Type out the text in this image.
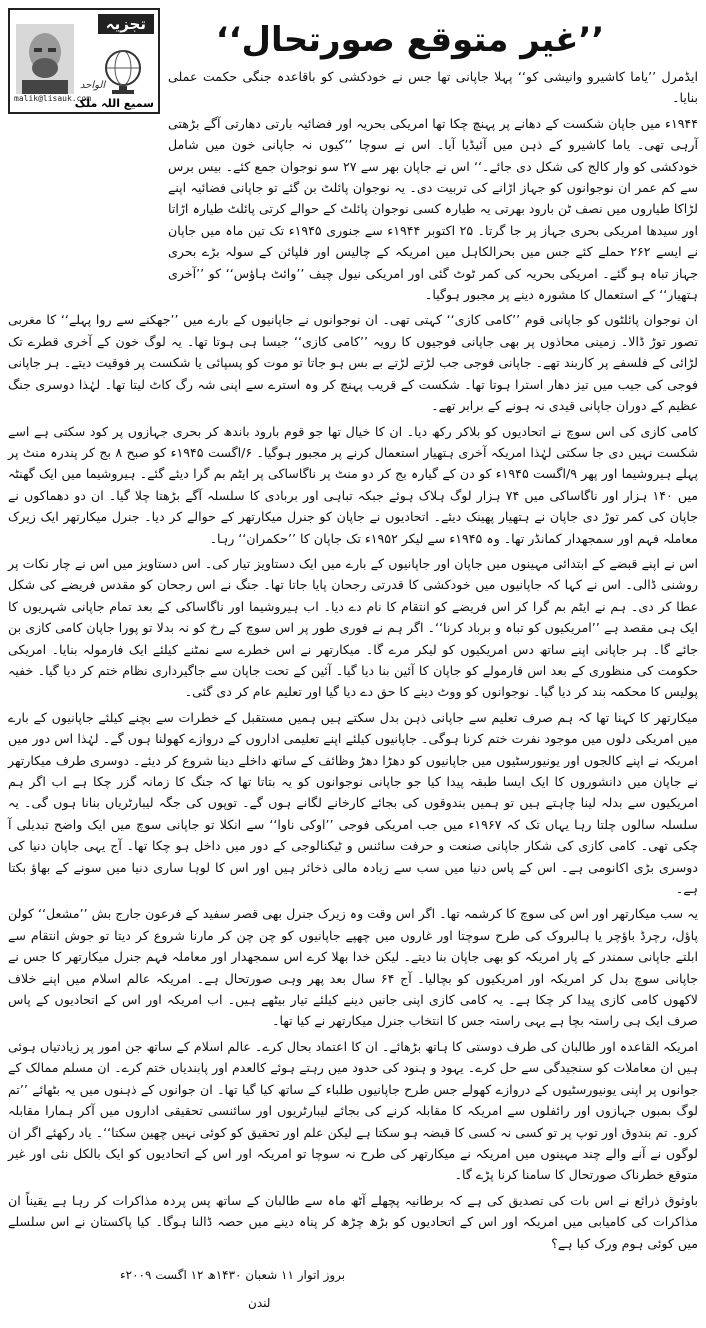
تجزیہ
الواحد
malik@lisauk.com
سمیع اللہ ملک
’’غیر متوقع صورتحال‘‘

ایڈمرل ’’یاما کاشیرو وانیشی کو‘‘ پہلا جاپانی تھا جس نے خودکشی کو باقاعدہ جنگی حکمت عملی بنایا۔

۱۹۴۴ء میں جاپان شکست کے دھانے پر پہنچ چکا تھا امریکی بحریہ اور فضائیہ بارتی دھارتی آگے بڑھتی آرہی تھی۔ یاما کاشیرو کے ذہن میں آئیڈیا آیا۔ اس نے سوچا ’’کیوں نہ جاپانی خون میں شامل خودکشی کو وار کالج کی شکل دی جائے۔‘‘ اس نے جاپان بھر سے ۲۷ سو نوجوان جمع کئے۔ بیس برس سے کم عمر ان نوجوانوں کو جہاز اڑانے کی تربیت دی۔ یہ نوجوان پائلٹ بن گئے تو جاپانی فضائیہ اپنے لڑاکا طیاروں میں نصف ٹن بارود بھرتی یہ طیارہ کسی نوجوان پائلٹ کے حوالے کرتی پائلٹ طیارہ اڑاتا اور سیدھا امریکی بحری جہاز پر جا گرتا۔ ۲۵ اکتوبر ۱۹۴۴ء سے جنوری ۱۹۴۵ء تک تین ماہ میں جاپان نے ایسے ۲۶۲ حملے کئے جس میں بحرالکاہل میں امریکہ کے چالیس اور فلپائن کے سولہ بڑے بحری جہاز تباہ ہو گئے۔ امریکی بحریہ کی کمر ٹوٹ گئی اور امریکی نیول چیف ’’وائٹ ہاؤس‘‘ کو ’’آخری ہتھیار‘‘ کے استعمال کا مشورہ دینے پر مجبور ہوگیا۔

ان نوجوان پائلٹوں کو جاپانی قوم ’’کامی کازی‘‘ کہتی تھی۔ ان نوجوانوں نے جاپانیوں کے بارے میں ’’جھکنے سے روا پہلے‘‘ کا مغربی تصور توڑ ڈالا۔ زمینی محاذوں پر بھی جاپانی فوجیوں کا رویہ ’’کامی کازی‘‘ جیسا ہی ہوتا تھا۔ یہ لوگ خون کے آخری قطرے تک لڑائی کے فلسفے پر کاربند تھے۔ جاپانی فوجی جب لڑتے لڑتے بے بس ہو جاتا تو موت کو پسپائی یا شکست پر فوقیت دیتے۔ ہر جاپانی فوجی کی جیب میں تیز دھار استرا ہوتا تھا۔ شکست کے قریب پہنچ کر وہ استرے سے اپنی شہ رگ کاٹ لیتا تھا۔ لہٰذا دوسری جنگ عظیم کے دوران جاپانی قیدی نہ ہونے کے برابر تھے۔

کامی کازی کی اس سوچ نے اتحادیوں کو بلاکر رکھ دیا۔ ان کا خیال تھا جو قوم بارود باندھ کر بحری جہازوں پر کود سکتی ہے اسے شکست نہیں دی جا سکتی لہٰذا امریکہ آخری ہتھیار استعمال کرنے پر مجبور ہوگیا۔ ۶/اگست ۱۹۴۵ء کو صبح ۸ بج کر پندرہ منٹ پر پہلے ہیروشیما اور پھر ۹/اگست ۱۹۴۵ء کو دن کے گیارہ بج کر دو منٹ پر ناگاساکی پر ایٹم بم گرا دیئے گئے۔ ہیروشیما میں ایک گھنٹہ میں ۱۴۰ ہزار اور ناگاساکی میں ۷۴ ہزار لوگ ہلاک ہوئے جبکہ تباہی اور بربادی کا سلسلہ آگے بڑھتا چلا گیا۔ ان دو دھماکوں نے جاپان کی کمر توڑ دی جاپان نے ہتھیار پھینک دیئے۔ اتحادیوں نے جاپان کو جنرل میکارتھر کے حوالے کر دیا۔ جنرل میکارتھر ایک زیرک معاملہ فہم اور سمجھدار کمانڈر تھا۔ وہ ۱۹۴۵ء سے لیکر ۱۹۵۲ء تک جاپان کا ’’حکمران‘‘ رہا۔

اس نے اپنے قبضے کے ابتدائی مہینوں میں جاپان اور جاپانیوں کے بارے میں ایک دستاویز تیار کی۔ اس دستاویز میں اس نے چار نکات پر روشنی ڈالی۔ اس نے کہا کہ جاپانیوں میں خودکشی کا قدرتی رجحان پایا جاتا تھا۔ جنگ نے اس رجحان کو مقدس فریضے کی شکل عطا کر دی۔ ہم نے ایٹم بم گرا کر اس فریضے کو انتقام کا نام دے دیا۔ اب ہیروشیما اور ناگاساکی کے بعد تمام جاپانی شہریوں کا ایک ہی مقصد ہے ’’امریکیوں کو تباہ و برباد کرنا‘‘۔ اگر ہم نے فوری طور پر اس سوچ کے رخ کو نہ بدلا تو پورا جاپان کامی کازی بن جائے گا۔ ہر جاپانی اپنے ساتھ دس امریکیوں کو لیکر مرے گا۔ میکارتھر نے اس خطرے سے نمٹنے کیلئے ایک فارمولہ بنایا۔ امریکی حکومت کی منظوری کے بعد اس فارمولے کو جاپان کا آئین بنا دیا گیا۔ آئین کے تحت جاپان سے جاگیرداری نظام ختم کر دیا گیا۔ خفیہ پولیس کا محکمہ بند کر دیا گیا۔ نوجوانوں کو ووٹ دینے کا حق دے دیا گیا اور تعلیم عام کر دی گئی۔

میکارتھر کا کہنا تھا کہ ہم صرف تعلیم سے جاپانی ذہن بدل سکتے ہیں ہمیں مستقبل کے خطرات سے بچنے کیلئے جاپانیوں کے بارے میں امریکی دلوں میں موجود نفرت ختم کرنا ہوگی۔ جاپانیوں کیلئے اپنے تعلیمی اداروں کے دروازے کھولنا ہوں گے۔ لہٰذا اس دور میں امریکہ نے اپنے کالجوں اور یونیورسٹیوں میں جاپانیوں کو دھڑا دھڑ وظائف کے ساتھ داخلے دینا شروع کر دیئے۔ دوسری طرف میکارتھر نے جاپان میں دانشوروں کا ایک ایسا طبقہ پیدا کیا جو جاپانی نوجوانوں کو یہ بتاتا تھا کہ جنگ کا زمانہ گزر چکا ہے اب اگر ہم امریکیوں سے بدلہ لینا چاہتے ہیں تو ہمیں بندوقوں کی بجائے کارخانے لگانے ہوں گے۔ توپوں کی جگہ لیبارٹریاں بنانا ہوں گی۔ یہ سلسلہ سالوں چلتا رہا یہاں تک کہ ۱۹۶۷ء میں جب امریکی فوجی ’’اوکی ناوا‘‘ سے انکلا تو جاپانی سوچ میں ایک واضح تبدیلی آ چکی تھی۔ کامی کازی کی شکار جاپانی صنعت و حرفت سائنس و ٹیکنالوجی کے دور میں داخل ہو چکا تھا۔ آج یہی جاپان دنیا کی دوسری بڑی اکانومی ہے۔ اس کے پاس دنیا میں سب سے زیادہ مالی ذخائر ہیں اور اس کا لوہا ساری دنیا میں سونے کے بھاؤ بکتا ہے۔

یہ سب میکارتھر اور اس کی سوچ کا کرشمہ تھا۔ اگر اس وقت وہ زیرک جنرل بھی قصر سفید کے فرعون جارج بش ’’مشعل‘‘ کولن پاؤل، رچرڈ باؤچر یا ہالبروک کی طرح سوچتا اور غاروں میں چھپے جاپانیوں کو چن چن کر مارنا شروع کر دیتا تو جوش انتقام سے ابلتے جاپانی سمندر کے پار امریکہ کو بھی جاپان بنا دیتے۔ لیکن خدا بھلا کرے اس سمجھدار اور معاملہ فہم جنرل میکارتھر کا جس نے جاپانی سوچ بدل کر امریکہ اور امریکیوں کو بچالیا۔ آج ۶۴ سال بعد پھر وہی صورتحال ہے۔ امریکہ عالم اسلام میں اپنے خلاف لاکھوں کامی کازی پیدا کر چکا ہے۔ یہ کامی کازی اپنی جانیں دینے کیلئے تیار بیٹھے ہیں۔ اب امریکہ اور اس کے اتحادیوں کے پاس صرف ایک ہی راستہ بچا ہے یہی راستہ جس کا انتخاب جنرل میکارتھر نے کیا تھا۔

امریکہ القاعدہ اور طالبان کی طرف دوستی کا ہاتھ بڑھائے۔ ان کا اعتماد بحال کرے۔ عالم اسلام کے ساتھ جن امور پر زیادتیاں ہوئی ہیں ان معاملات کو سنجیدگی سے حل کرے۔ یہود و ہنود کی حدود میں رہتے ہوئے کالعدم اور پابندیاں ختم کرے۔ ان مسلم ممالک کے جوانوں پر اپنی یونیورسٹیوں کے دروازے کھولے جس طرح جاپانیوں طلباء کے ساتھ کیا گیا تھا۔ ان جوانوں کے ذہنوں میں یہ بٹھائے ’’تم لوگ بمبوں جہازوں اور رائفلوں سے امریکہ کا مقابلہ کرنے کی بجائے لیبارٹریوں اور سائنسی تحقیقی اداروں میں آکر ہمارا مقابلہ کرو۔ تم بندوق اور توپ پر تو کسی نہ کسی کا قبضہ ہو سکتا ہے لیکن علم اور تحقیق کو کوئی نہیں چھین سکتا‘‘۔ یاد رکھئے اگر ان لوگوں نے آنے والے چند مہینوں میں امریکہ نے میکارتھر کی طرح نہ سوچا تو امریکہ اور اس کے اتحادیوں کو ایک بالکل نئی اور غیر متوقع خطرناک صورتحال کا سامنا کرنا پڑے گا۔

باوثوق ذرائع نے اس بات کی تصدیق کی ہے کہ برطانیہ پچھلے آٹھ ماہ سے طالبان کے ساتھ پس پردہ مذاکرات کر رہا ہے یقیناً ان مذاکرات کی کامیابی میں امریکہ اور اس کے اتحادیوں کو بڑھ چڑھ کر پناہ دینے میں حصہ ڈالنا ہوگا۔ کیا پاکستان نے اس سلسلے میں کوئی ہوم ورک کیا ہے؟

بروز اتوار ۱۱ شعبان ۱۴۳۰ھ ۱۲ اگست ۲۰۰۹ء
لندن
